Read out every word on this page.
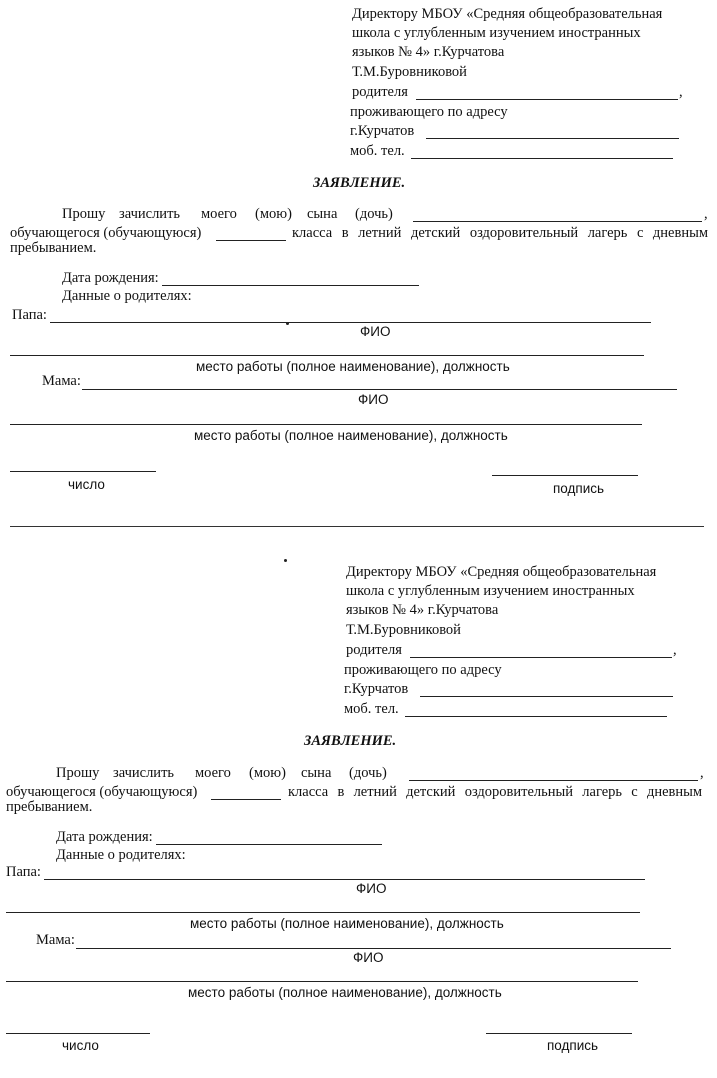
Директору МБОУ «Средняя общеобразовательная
школа с углубленным изучением иностранных
языков № 4» г.Курчатова
Т.М.Буровниковой
родителя	,
проживающего по адресу
г.Курчатов
моб. тел.
ЗАЯВЛЕНИЕ.
Прошу зачислить моего (мою) сына (дочь)	,
обучающегося (обучающуюся)	класса в летний детский оздоровительный лагерь с дневным
пребыванием.
Дата рождения:
Данные о родителях:
Папа:
ФИО
место работы (полное наименование), должность
Мама:
ФИО
место работы (полное наименование), должность
число	подпись
Директору МБОУ «Средняя общеобразовательная
школа с углубленным изучением иностранных
языков № 4» г.Курчатова
Т.М.Буровниковой
родителя	,
проживающего по адресу
г.Курчатов
моб. тел.
ЗАЯВЛЕНИЕ.
Прошу зачислить моего (мою) сына (дочь)	,
обучающегося (обучающуюся)	класса в летний детский оздоровительный лагерь с дневным
пребыванием.
Дата рождения:
Данные о родителях:
Папа:
ФИО
место работы (полное наименование), должность
Мама:
ФИО
место работы (полное наименование), должность
число	подпись
